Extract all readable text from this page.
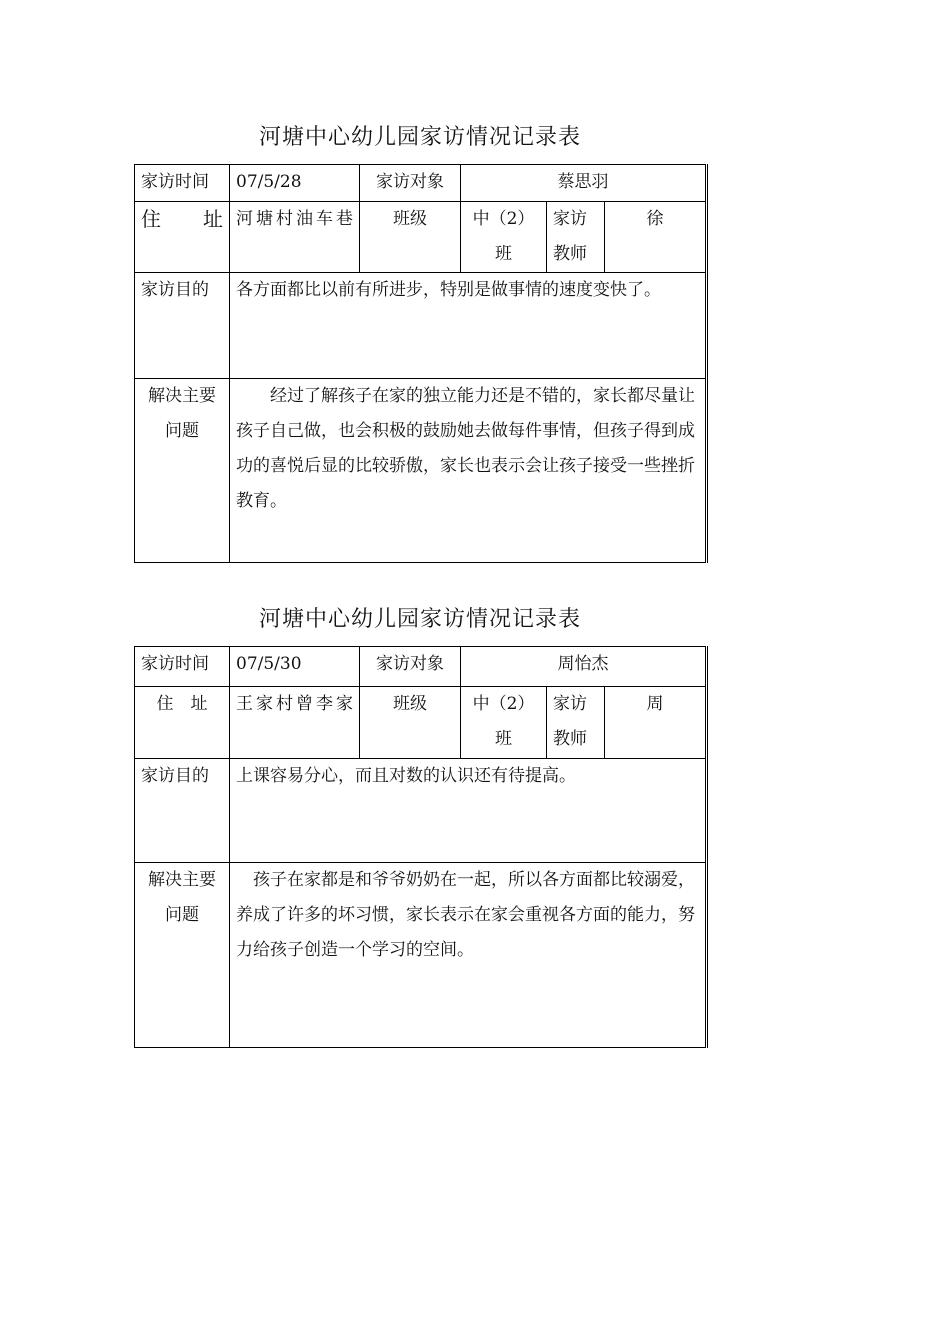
河塘中心幼儿园家访情况记录表
家访时间	07/5/28	家访对象	蔡思羽		
住　址	河塘村油车巷	班级	中（2）班	家访教师	徐
家访目的	各方面都比以前有所进步，特别是做事情的速度变快了。				
解决主要问题	经过了解孩子在家的独立能力还是不错的，家长都尽量让孩子自己做，也会积极的鼓励她去做每件事情，但孩子得到成功的喜悦后显的比较骄傲，家长也表示会让孩子接受一些挫折教育。				
河塘中心幼儿园家访情况记录表
家访时间	07/5/30	家访对象	周怡杰		
住　址	王家村曾李家	班级	中（2）班	家访教师	周
家访目的	上课容易分心，而且对数的认识还有待提高。				
解决主要问题	孩子在家都是和爷爷奶奶在一起，所以各方面都比较溺爱，养成了许多的坏习惯，家长表示在家会重视各方面的能力，努力给孩子创造一个学习的空间。				
